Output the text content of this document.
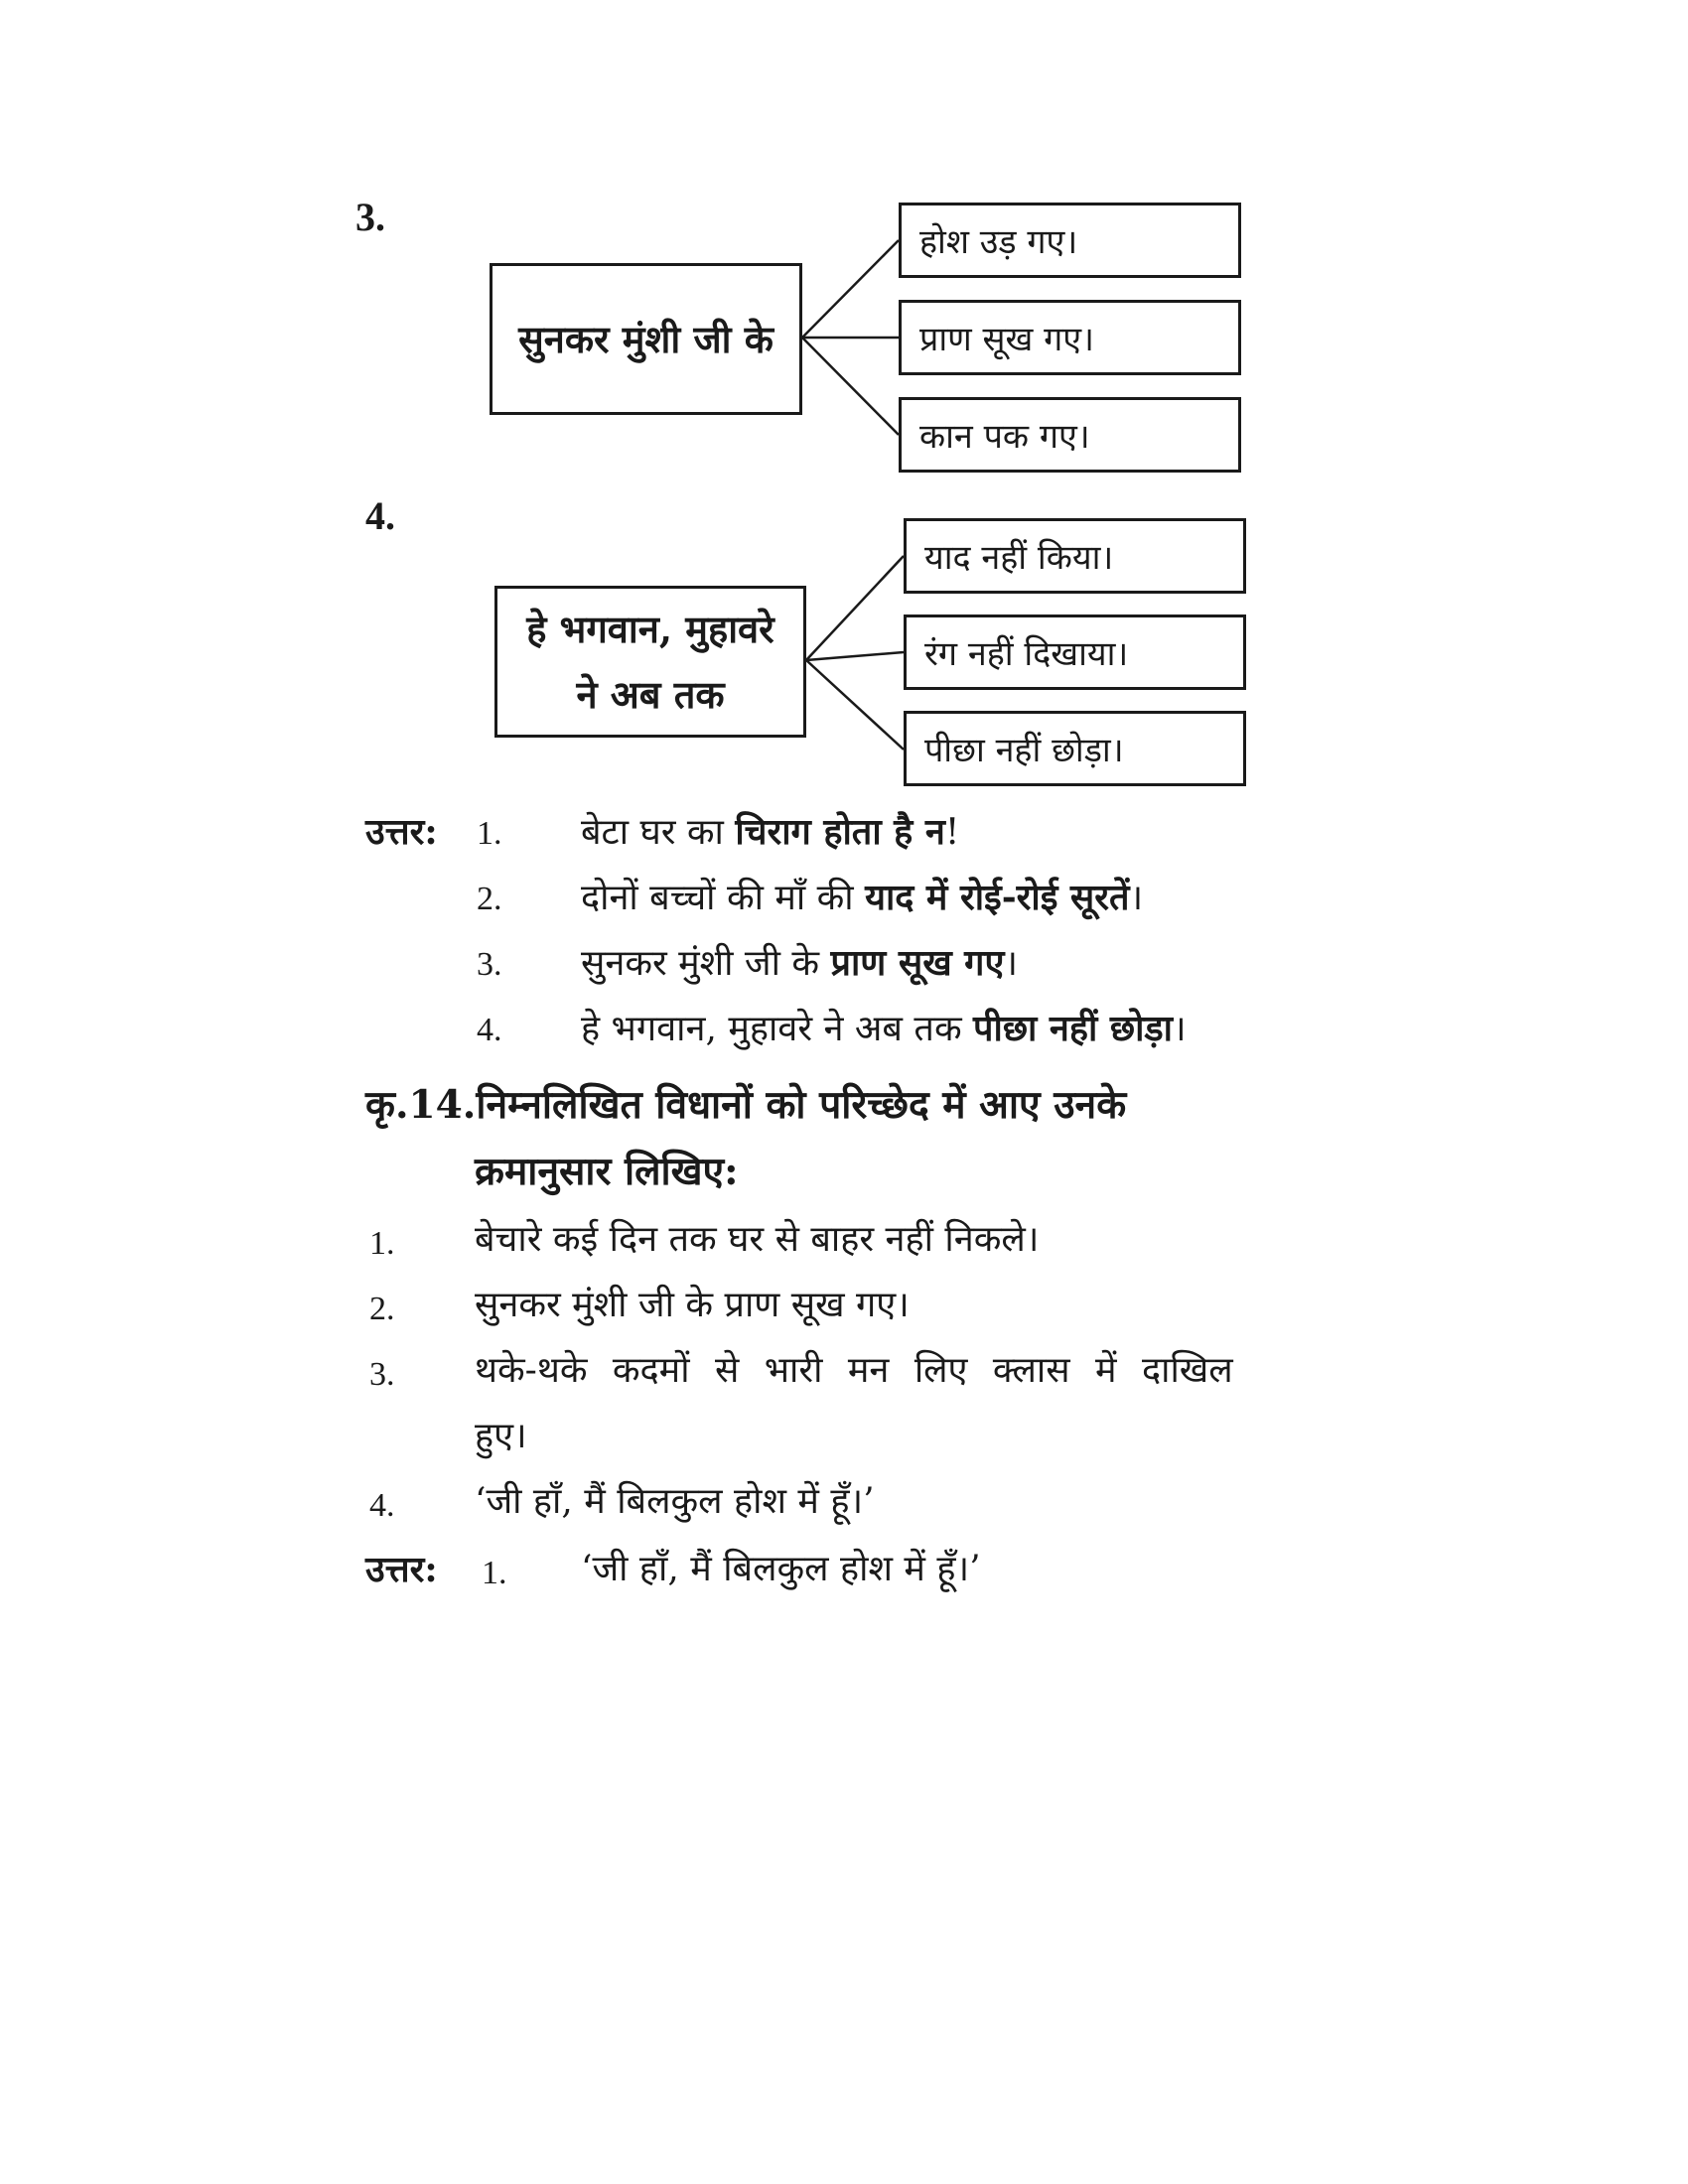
3.
सुनकर मुंशी जी के
होश उड़ गए।
प्राण सूख गए।
कान पक गए।
4.
हे भगवान, मुहावरे
ने अब तक
याद नहीं किया।
रंग नहीं दिखाया।
पीछा नहीं छोड़ा।
उत्तर: 1. बेटा घर का चिराग होता है न!
2. दोनों बच्चों की माँ की याद में रोई-रोई सूरतें।
3. सुनकर मुंशी जी के प्राण सूख गए।
4. हे भगवान, मुहावरे ने अब तक पीछा नहीं छोड़ा।
कृ.14.निम्नलिखित विधानों को परिच्छेद में आए उनके
क्रमानुसार लिखिए:
1. बेचारे कई दिन तक घर से बाहर नहीं निकले।
2. सुनकर मुंशी जी के प्राण सूख गए।
3. थके-थके कदमों से भारी मन लिए क्लास में दाखिल
हुए।
4. ‘जी हाँ, मैं बिलकुल होश में हूँ।’
उत्तर: 1. ‘जी हाँ, मैं बिलकुल होश में हूँ।’
